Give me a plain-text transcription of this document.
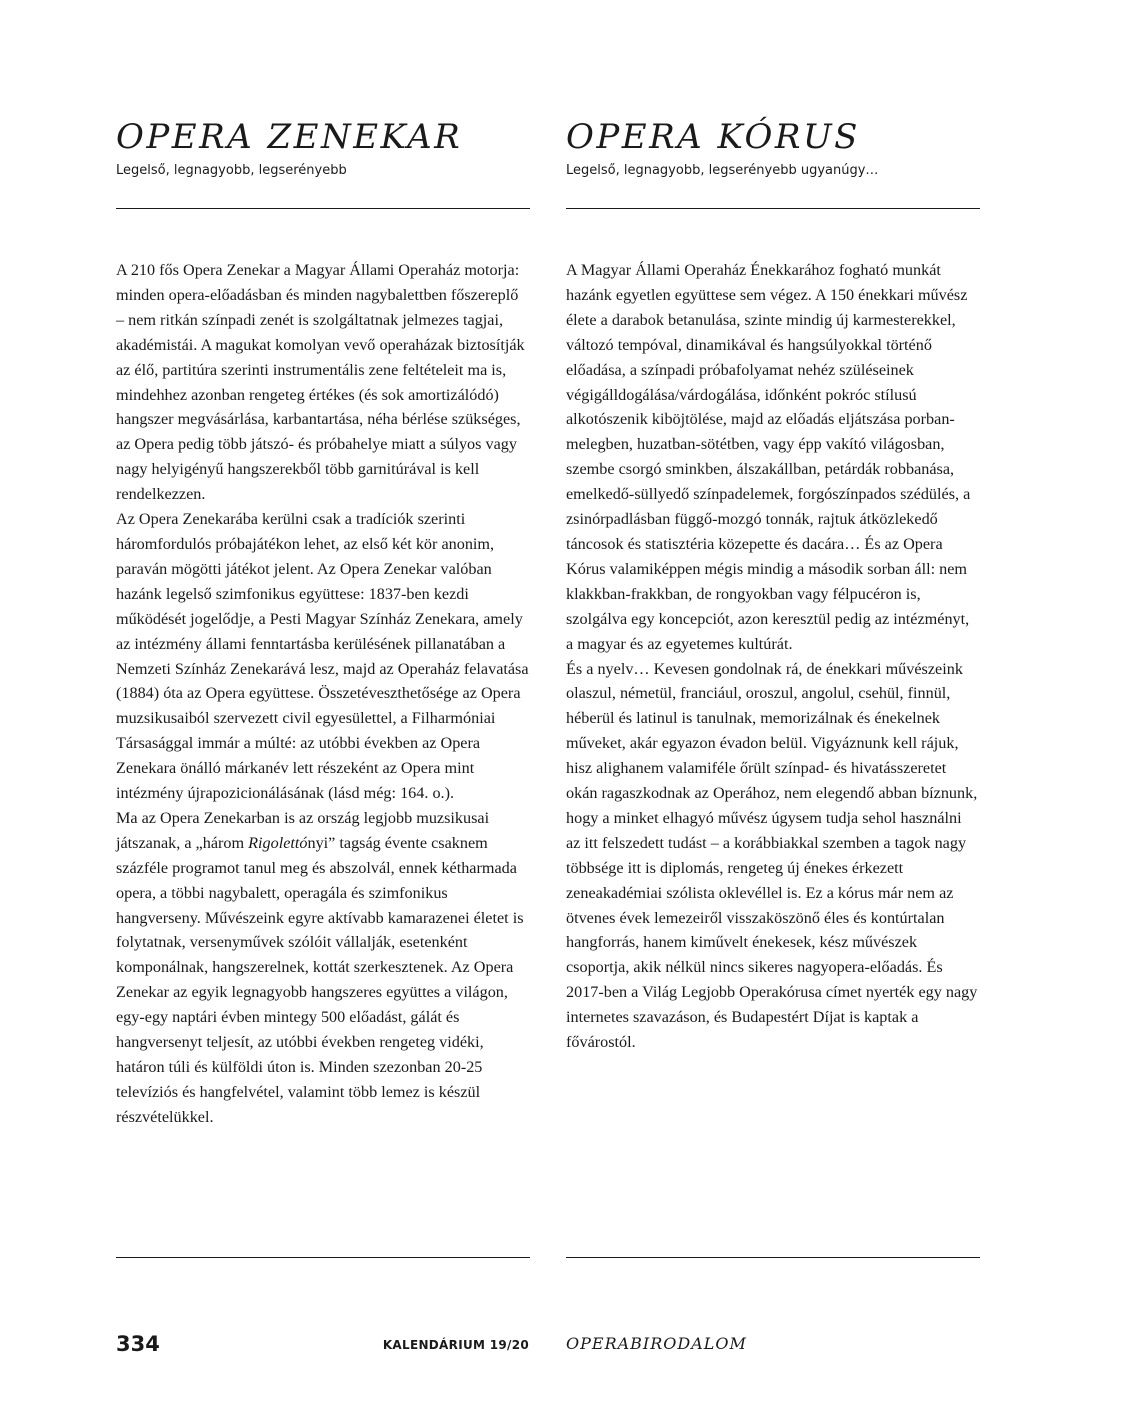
OPERA ZENEKAR
Legelső, legnagyobb, legserényebb

A 210 fős Opera Zenekar a Magyar Állami Operaház motorja: minden opera-előadásban és minden nagybalettben főszereplő – nem ritkán színpadi zenét is szolgáltatnak jelmezes tagjai, akadémistái. A magukat komolyan vevő operaházak biztosítják az élő, partitúra szerinti instrumentális zene feltételeit ma is, mindehhez azonban rengeteg értékes (és sok amortizálódó) hangszer megvásárlása, karbantartása, néha bérlése szükséges, az Opera pedig több játszó- és próbahelye miatt a súlyos vagy nagy helyigényű hangszerekből több garnitúrával is kell rendelkezzen.

Az Opera Zenekarába kerülni csak a tradíciók szerinti háromfordulós próbajátékon lehet, az első két kör anonim, paraván mögötti játékot jelent. Az Opera Zenekar valóban hazánk legelső szimfonikus együttese: 1837-ben kezdi működését jogelődje, a Pesti Magyar Színház Zenekara, amely az intézmény állami fenntartásba kerülésének pillanatában a Nemzeti Színház Zenekarává lesz, majd az Operaház felavatása (1884) óta az Opera együttese. Összetéveszthetősége az Opera muzsikusaiból szervezett civil egyesülettel, a Filharmóniai Társasággal immár a múlté: az utóbbi években az Opera Zenekara önálló márkanév lett részeként az Opera mint intézmény újrapozicionálásának (lásd még: 164. o.).

Ma az Opera Zenekarban is az ország legjobb muzsikusai játszanak, a „három Rigolettónyi” tagság évente csaknem százféle programot tanul meg és abszolvál, ennek kétharmada opera, a többi nagybalett, operagála és szimfonikus hangverseny. Művészeink egyre aktívabb kamarazenei életet is folytatnak, versenyművek szólóit vállalják, esetenként komponálnak, hangszerelnek, kottát szerkesztenek. Az Opera Zenekar az egyik legnagyobb hangszeres együttes a világon, egy-egy naptári évben mintegy 500 előadást, gálát és hangversenyt teljesít, az utóbbi években rengeteg vidéki, határon túli és külföldi úton is. Minden szezonban 20-25 televíziós és hangfelvétel, valamint több lemez is készül részvételükkel.

OPERA KÓRUS
Legelső, legnagyobb, legserényebb ugyanúgy…

A Magyar Állami Operaház Énekkarához fogható munkát hazánk egyetlen együttese sem végez. A 150 énekkari művész élete a darabok betanulása, szinte mindig új karmesterekkel, változó tempóval, dinamikával és hangsúlyokkal történő előadása, a színpadi próbafolyamat nehéz szüléseinek végigálldogálása/várdogálása, időnként pokróc stílusú alkotószenik kiböjtölése, majd az előadás eljátszása porban-melegben, huzatban-sötétben, vagy épp vakító világosban, szembe csorgó sminkben, álszakállban, petárdák robbanása, emelkedő-süllyedő színpadelemek, forgószínpados szédülés, a zsinórpadlásban függő-mozgó tonnák, rajtuk átközlekedő táncosok és statisztéria közepette és dacára… És az Opera Kórus valamiképpen mégis mindig a második sorban áll: nem klakkban-frakkban, de rongyokban vagy félpucéron is, szolgálva egy koncepciót, azon keresztül pedig az intézményt, a magyar és az egyetemes kultúrát.

És a nyelv… Kevesen gondolnak rá, de énekkari művészeink olaszul, németül, franciául, oroszul, angolul, csehül, finnül, héberül és latinul is tanulnak, memorizálnak és énekelnek műveket, akár egyazon évadon belül. Vigyáznunk kell rájuk, hisz alighanem valamiféle őrült színpad- és hivatásszeretet okán ragaszkodnak az Operához, nem elegendő abban bíznunk, hogy a minket elhagyó művész úgysem tudja sehol használni az itt felszedett tudást – a korábbiakkal szemben a tagok nagy többsége itt is diplomás, rengeteg új énekes érkezett zeneakadémiai szólista oklevéllel is. Ez a kórus már nem az ötvenes évek lemezeiről visszaköszönő éles és kontúrtalan hangforrás, hanem kiművelt énekesek, kész művészek csoportja, akik nélkül nincs sikeres nagyopera-előadás. És 2017-ben a Világ Legjobb Operakórusa címet nyerték egy nagy internetes szavazáson, és Budapestért Díjat is kaptak a fővárostól.

334	KALENDÁRIUM 19/20 OPERABIRODALOM
